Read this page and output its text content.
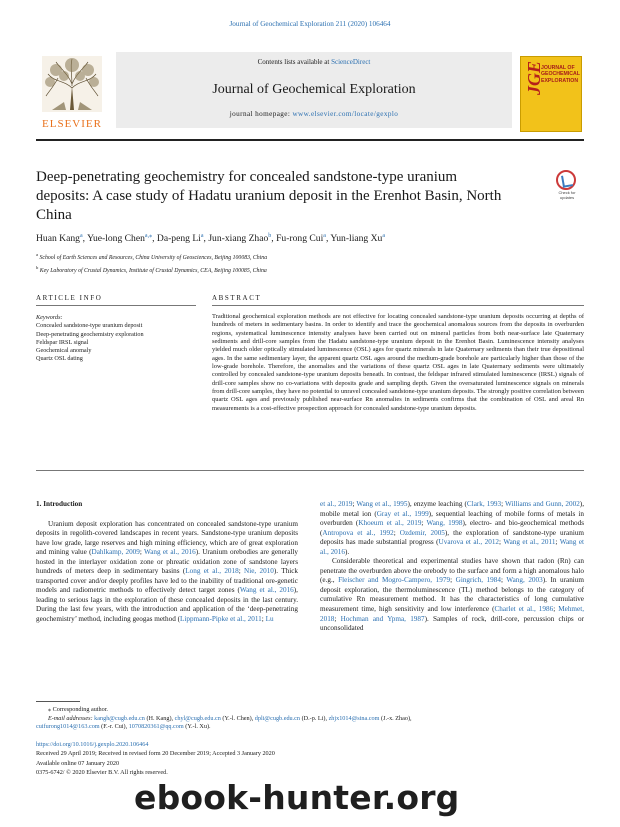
Journal of Geochemical Exploration 211 (2020) 106464
ELSEVIER
Contents lists available at ScienceDirect
Journal of Geochemical Exploration
journal homepage: www.elsevier.com/locate/gexplo
JGE
JOURNAL OF GEOCHEMICAL EXPLORATION
Deep-penetrating geochemistry for concealed sandstone-type uranium deposits: A case study of Hadatu uranium deposit in the Erenhot Basin, North China
Check for updates
Huan Kang$^a$, Yue-long Chen$^{a,⁎}$, Da-peng Li$^a$, Jun-xiang Zhao$^b$, Fu-rong Cui$^a$, Yun-liang Xu$^a$
$^a$ School of Earth Sciences and Resources, China University of Geosciences, Beijing 100083, China
$^b$ Key Laboratory of Crustal Dynamics, Institute of Crustal Dynamics, CEA, Beijing 100085, China
ARTICLE INFO	ABSTRACT
Keywords:
Concealed sandstone-type uranium deposit
Deep-penetrating geochemistry exploration
Feldspar IRSL signal
Geochemical anomaly
Quartz OSL dating
Traditional geochemical exploration methods are not effective for locating concealed sandstone-type uranium deposits occurring at depths of hundreds of meters in sedimentary basins. In order to identify and trace the geochemical anomalous sources from the deposits in overburden regions, systematical luminescence intensity analyses have been carried out on mineral particles from both near-surface late Quaternary sediments and drill-core samples from the Hadatu sandstone-type uranium deposit in the Erenhot Basin. Luminescence intensity analyses yielded much older optically stimulated luminescence (OSL) ages for quartz minerals in late Quaternary sediments than their true depositional ages. In the same sedimentary layer, the apparent quartz OSL ages around the medium-grade borehole are particularly higher than those of the low-grade borehole. Therefore, the anomalies and the variations of these quartz OSL ages in late Quaternary sediments were ultimately controlled by concealed sandstone-type uranium deposits beneath. In contrast, the feldspar infrared stimulated luminescence (IRSL) signals of drill-core samples show no co-variations with deposits grade and sampling depth. Given the oversaturated luminescence signals on minerals from drill-core samples, they have no potential to unravel concealed sandstone-type uranium deposits. The strongly positive correlation between quartz OSL ages and previously published near-surface Rn anomalies in sediments confirms that the combination of OSL and areal Rn measurements is a cost-effective prospection approach for concealed sandstone-type uranium deposits.
1. Introduction

Uranium deposit exploration has concentrated on concealed sandstone-type uranium deposits in regolith-covered landscapes in recent years. Sandstone-type uranium deposits have low grade, large reserves and high mining efficiency, which are of great exploration and mining value (Dahlkamp, 2009; Wang et al., 2016). Uranium orebodies are generally hosted in the interlayer oxidation zone or phreatic oxidation zone of sandstone layers hundreds of meters deep in sedimentary basins (Long et al., 2018; Nie, 2010). Thick transported cover and/or deeply profiles have led to the inability of traditional ore-genetic models and radiometric methods to effectively detect target zones (Wang et al., 2016), leading to serious lags in the exploration of these concealed deposits in the last century. During the last few years, with the introduction and application of the ‘deep-penetrating geochemistry’ method, including geogas method (Lippmann-Pipke et al., 2011; Lu

et al., 2019; Wang et al., 1995), enzyme leaching (Clark, 1993; Williams and Gunn, 2002), mobile metal ion (Gray et al., 1999), sequential leaching of mobile forms of metals in overburden (Khoeurn et al., 2019; Wang, 1998), electro- and bio-geochemical methods (Antropova et al., 1992; Ozdemir, 2005), the exploration of sandstone-type uranium deposits has made substantial progress (Uvarova et al., 2012; Wang et al., 2011; Wang et al., 2016).

Considerable theoretical and experimental studies have shown that radon (Rn) can penetrate the overburden above the orebody to the surface and form a high anomalous halo (e.g., Fleischer and Mogro-Campero, 1979; Gingrich, 1984; Wang, 2003). In uranium deposit exploration, the thermoluminescence (TL) method belongs to the category of cumulative Rn measurement method. It has the characteristics of long cumulative measurement time, high sensitivity and low interference (Charlet et al., 1986; Mehmet, 2018; Hochman and Ypma, 1987). Samples of rock, drill-core, percussion chips or unconsolidated

⁎ Corresponding author.
E-mail addresses: kangh@cugb.edu.cn (H. Kang), chyl@cugb.edu.cn (Y.-l. Chen), dpli@cugb.edu.cn (D.-p. Li), zhjx1014@sina.com (J.-x. Zhao),
cuifurong1014@163.com (F.-r. Cui), 1070820361@qq.com (Y.-l. Xu).
https://doi.org/10.1016/j.gexplo.2020.106464
Received 29 April 2019; Received in revised form 20 December 2019; Accepted 3 January 2020
Available online 07 January 2020
0375-6742/ © 2020 Elsevier B.V. All rights reserved.
ebook-hunter.org
